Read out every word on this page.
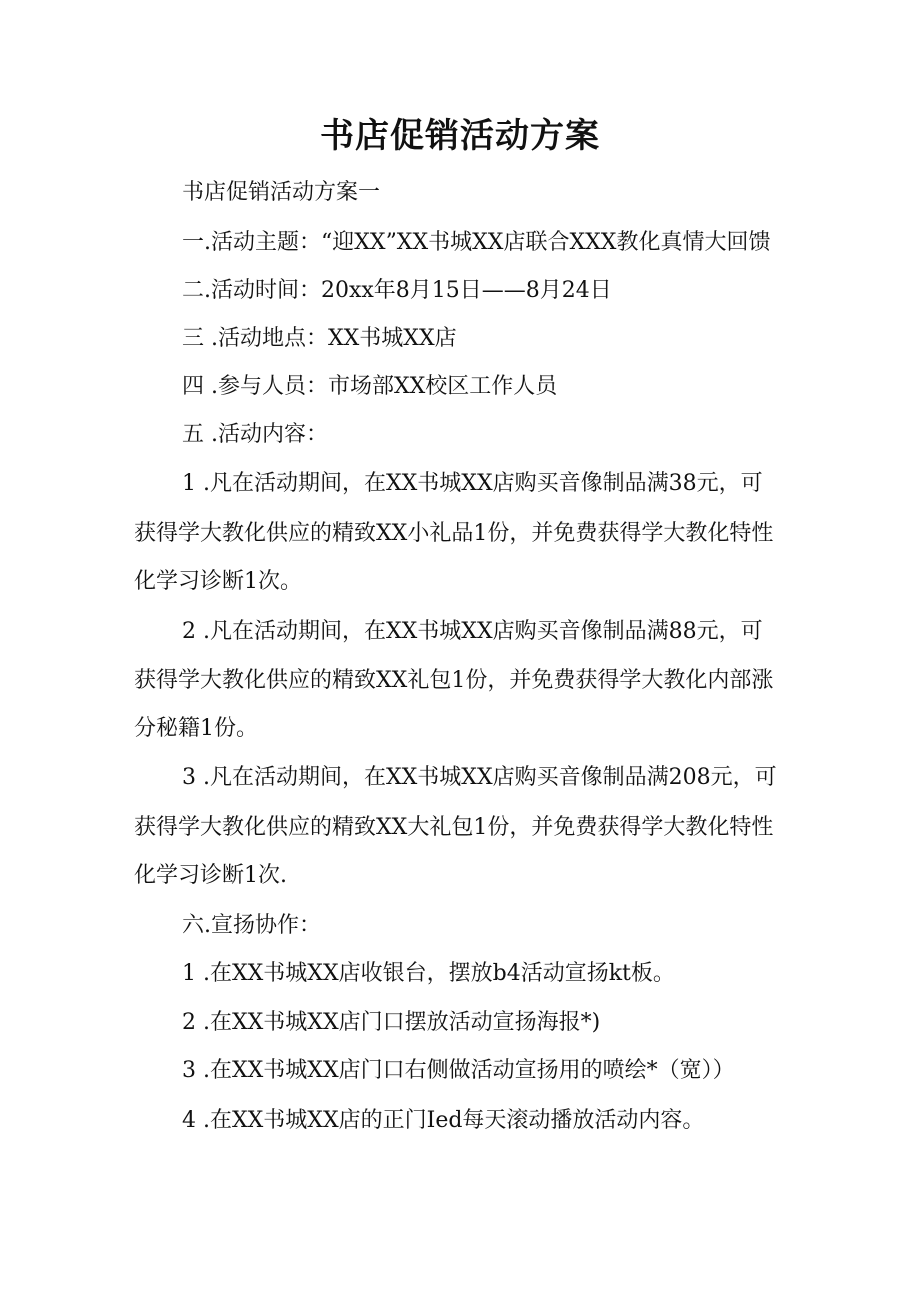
书店促销活动方案
书店促销活动方案一
一.活动主题：“迎XX”XX书城XX店联合XXX教化真情大回馈
二.活动时间：20xx年8月15日——8月24日
三 .活动地点：XX书城XX店
四 .参与人员：市场部XX校区工作人员
五 .活动内容：
1 .凡在活动期间，在XX书城XX店购买音像制品满38元，可
获得学大教化供应的精致XX小礼品1份，并免费获得学大教化特性
化学习诊断1次。
2 .凡在活动期间，在XX书城XX店购买音像制品满88元，可
获得学大教化供应的精致XX礼包1份，并免费获得学大教化内部涨
分秘籍1份。
3 .凡在活动期间，在XX书城XX店购买音像制品满208元，可
获得学大教化供应的精致XX大礼包1份，并免费获得学大教化特性
化学习诊断1次.
六.宣扬协作：
1 .在XX书城XX店收银台，摆放b4活动宣扬kt板。
2 .在XX书城XX店门口摆放活动宣扬海报*)
3 .在XX书城XX店门口右侧做活动宣扬用的喷绘*（宽））
4 .在XX书城XX店的正门Ied每天滚动播放活动内容。
